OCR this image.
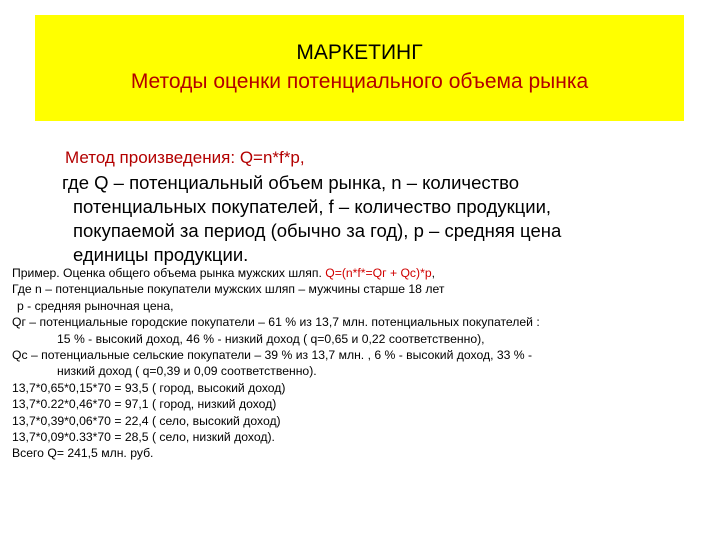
МАРКЕТИНГ
Методы оценки потенциального объема рынка
Метод произведения: Q=n*f*p,
где Q – потенциальный объем рынка, n – количество
потенциальных покупателей, f – количество продукции,
покупаемой за период (обычно за год), p – средняя цена
единицы продукции.
Пример. Оценка общего объема рынка мужских шляп. Q=(n*f*=Qг + Qc)*p,
Где n – потенциальные покупатели мужских шляп – мужчины старше 18 лет
p - средняя рыночная цена,
Qг – потенциальные городские покупатели – 61 % из 13,7 млн. потенциальных покупателей :
15 % - высокий доход, 46 % - низкий доход ( q=0,65 и 0,22 соответственно),
Qc – потенциальные сельские покупатели – 39 % из 13,7 млн. , 6 % - высокий доход, 33 % -
низкий доход ( q=0,39 и 0,09 соответственно).
13,7*0,65*0,15*70 = 93,5 ( город, высокий доход)
13,7*0.22*0,46*70 = 97,1 ( город, низкий доход)
13,7*0,39*0,06*70 = 22,4 ( село, высокий доход)
13,7*0,09*0.33*70 = 28,5 ( село, низкий доход).
Всего Q= 241,5 млн. руб.
